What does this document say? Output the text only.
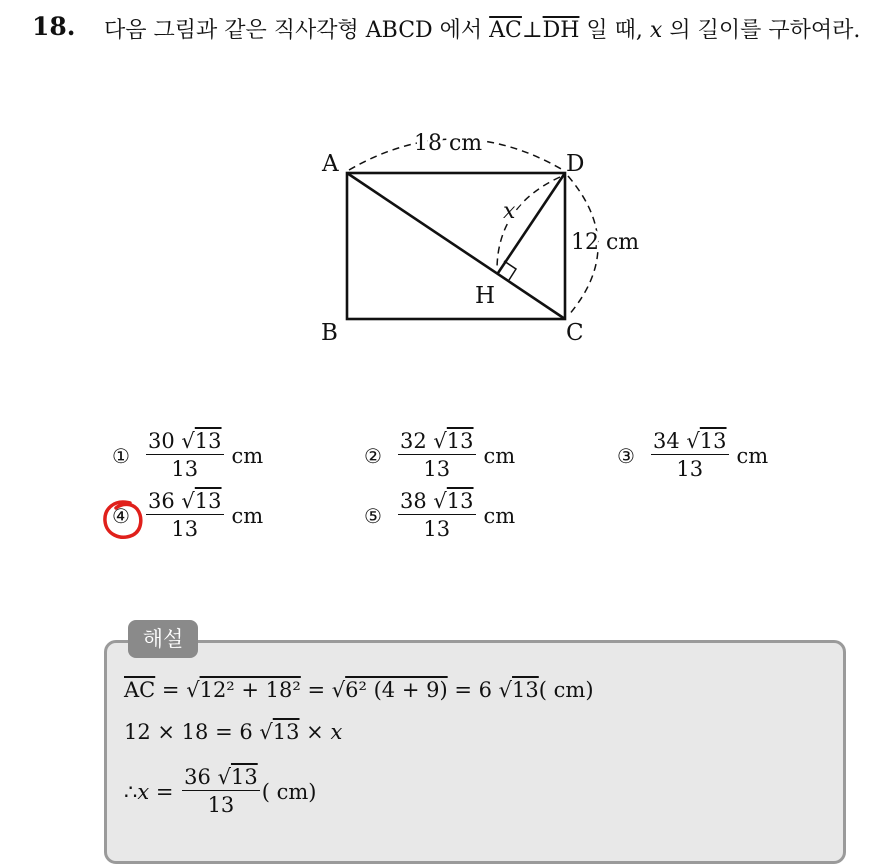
18. 다음 그림과 같은 직사각형 ABCD 에서 $\overline{AC}\perp\overline{DH}$ 일 때, x 의 길이를 구하여라.
A	D
B	C
H
18 cm
12 cm
x
① $\frac{30 √13}{13}$ cm	② $\frac{32 √13}{13}$ cm	③ $\frac{34 √13}{13}$ cm
④ $\frac{36 √13}{13}$ cm	⑤ $\frac{38 √13}{13}$ cm
해설
$\overline{AC} = √12^2 + 18^2 = √6^2$ (4 + 9) = 6 √13( cm)
12 × 18 = 6 √13 × x
∴ $x = \frac{36 √13}{13}$ ( cm)
